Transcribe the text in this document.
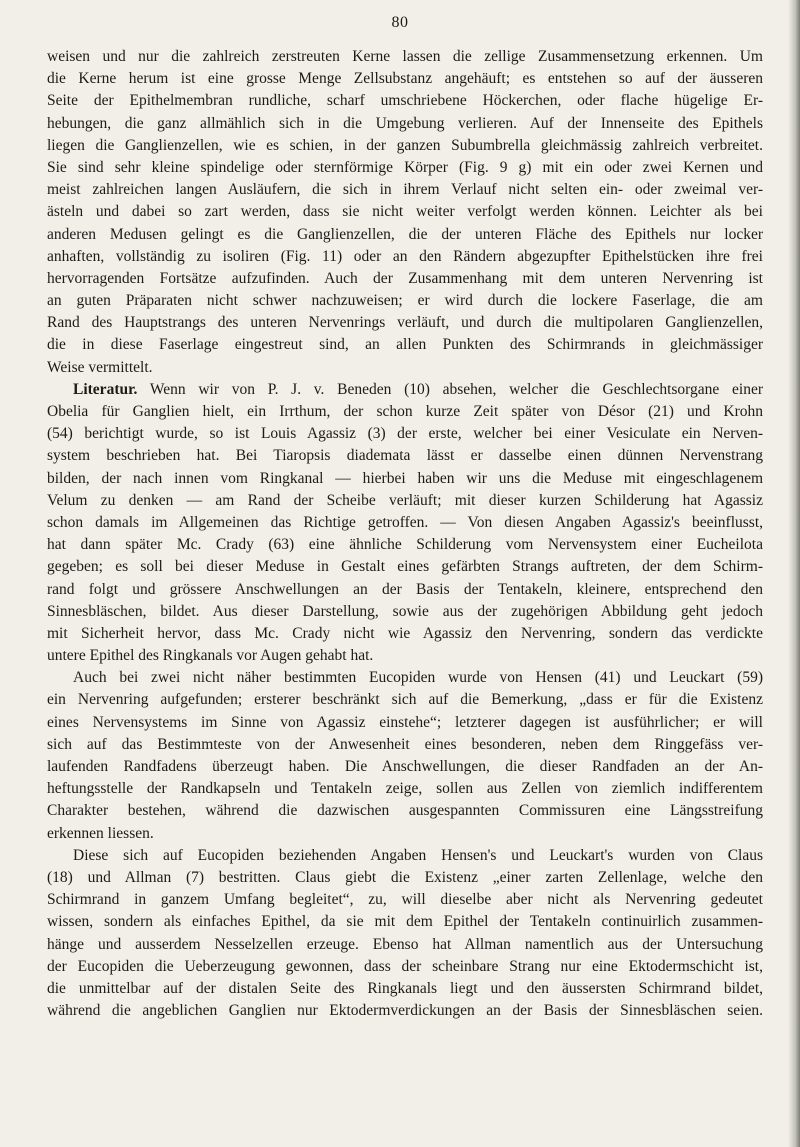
80
weisen und nur die zahlreich zerstreuten Kerne lassen die zellige Zusammensetzung erkennen. Um
die Kerne herum ist eine grosse Menge Zellsubstanz angehäuft; es entstehen so auf der äusseren
Seite der Epithelmembran rundliche, scharf umschriebene Höckerchen, oder flache hügelige Er-
hebungen, die ganz allmählich sich in die Umgebung verlieren. Auf der Innenseite des Epithels
liegen die Ganglienzellen, wie es schien, in der ganzen Subumbrella gleichmässig zahlreich verbreitet.
Sie sind sehr kleine spindelige oder sternförmige Körper (Fig. 9 g) mit ein oder zwei Kernen und
meist zahlreichen langen Ausläufern, die sich in ihrem Verlauf nicht selten ein- oder zweimal ver-
ästeln und dabei so zart werden, dass sie nicht weiter verfolgt werden können. Leichter als bei
anderen Medusen gelingt es die Ganglienzellen, die der unteren Fläche des Epithels nur locker
anhaften, vollständig zu isoliren (Fig. 11) oder an den Rändern abgezupfter Epithelstücken ihre frei
hervorragenden Fortsätze aufzufinden. Auch der Zusammenhang mit dem unteren Nervenring ist
an guten Präparaten nicht schwer nachzuweisen; er wird durch die lockere Faserlage, die am
Rand des Hauptstrangs des unteren Nervenrings verläuft, und durch die multipolaren Ganglienzellen,
die in diese Faserlage eingestreut sind, an allen Punkten des Schirmrands in gleichmässiger
Weise vermittelt.
Literatur. Wenn wir von P. J. v. Beneden (10) absehen, welcher die Geschlechtsorgane einer
Obelia für Ganglien hielt, ein Irrthum, der schon kurze Zeit später von Désor (21) und Krohn
(54) berichtigt wurde, so ist Louis Agassiz (3) der erste, welcher bei einer Vesiculate ein Nerven-
system beschrieben hat. Bei Tiaropsis diademata lässt er dasselbe einen dünnen Nervenstrang
bilden, der nach innen vom Ringkanal — hierbei haben wir uns die Meduse mit eingeschlagenem
Velum zu denken — am Rand der Scheibe verläuft; mit dieser kurzen Schilderung hat Agassiz
schon damals im Allgemeinen das Richtige getroffen. — Von diesen Angaben Agassiz's beeinflusst,
hat dann später Mc. Crady (63) eine ähnliche Schilderung vom Nervensystem einer Eucheilota
gegeben; es soll bei dieser Meduse in Gestalt eines gefärbten Strangs auftreten, der dem Schirm-
rand folgt und grössere Anschwellungen an der Basis der Tentakeln, kleinere, entsprechend den
Sinnesbläschen, bildet. Aus dieser Darstellung, sowie aus der zugehörigen Abbildung geht jedoch
mit Sicherheit hervor, dass Mc. Crady nicht wie Agassiz den Nervenring, sondern das verdickte
untere Epithel des Ringkanals vor Augen gehabt hat.
Auch bei zwei nicht näher bestimmten Eucopiden wurde von Hensen (41) und Leuckart (59)
ein Nervenring aufgefunden; ersterer beschränkt sich auf die Bemerkung, „dass er für die Existenz
eines Nervensystems im Sinne von Agassiz einstehe“; letzterer dagegen ist ausführlicher; er will
sich auf das Bestimmteste von der Anwesenheit eines besonderen, neben dem Ringgefäss ver-
laufenden Randfadens überzeugt haben. Die Anschwellungen, die dieser Randfaden an der An-
heftungsstelle der Randkapseln und Tentakeln zeige, sollen aus Zellen von ziemlich indifferentem
Charakter bestehen, während die dazwischen ausgespannten Commissuren eine Längsstreifung
erkennen liessen.
Diese sich auf Eucopiden beziehenden Angaben Hensen's und Leuckart's wurden von Claus
(18) und Allman (7) bestritten. Claus giebt die Existenz „einer zarten Zellenlage, welche den
Schirmrand in ganzem Umfang begleitet“, zu, will dieselbe aber nicht als Nervenring gedeutet
wissen, sondern als einfaches Epithel, da sie mit dem Epithel der Tentakeln continuirlich zusammen-
hänge und ausserdem Nesselzellen erzeuge. Ebenso hat Allman namentlich aus der Untersuchung
der Eucopiden die Ueberzeugung gewonnen, dass der scheinbare Strang nur eine Ektodermschicht ist,
die unmittelbar auf der distalen Seite des Ringkanals liegt und den äussersten Schirmrand bildet,
während die angeblichen Ganglien nur Ektodermverdickungen an der Basis der Sinnesbläschen seien.
